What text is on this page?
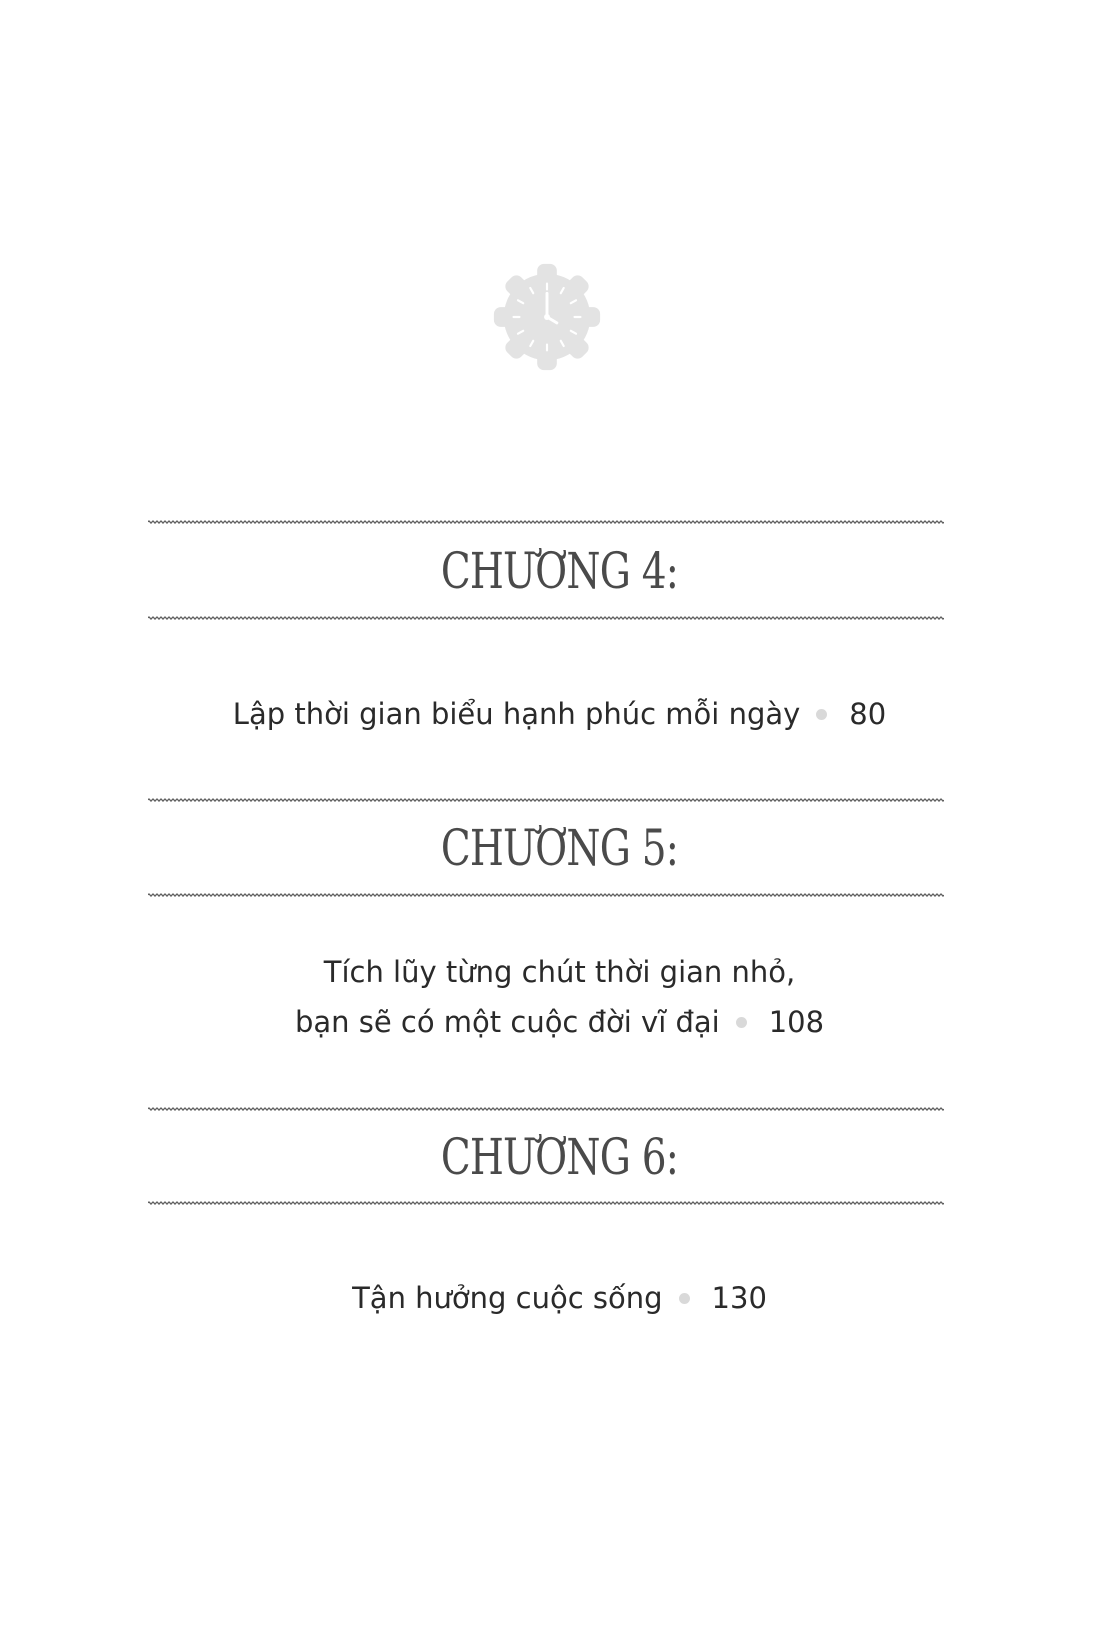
CHƯƠNG 4:
Lập thời gian biểu hạnh phúc mỗi ngày 80
CHƯƠNG 5:
Tích lũy từng chút thời gian nhỏ,
bạn sẽ có một cuộc đời vĩ đại 108
CHƯƠNG 6:
Tận hưởng cuộc sống 130
